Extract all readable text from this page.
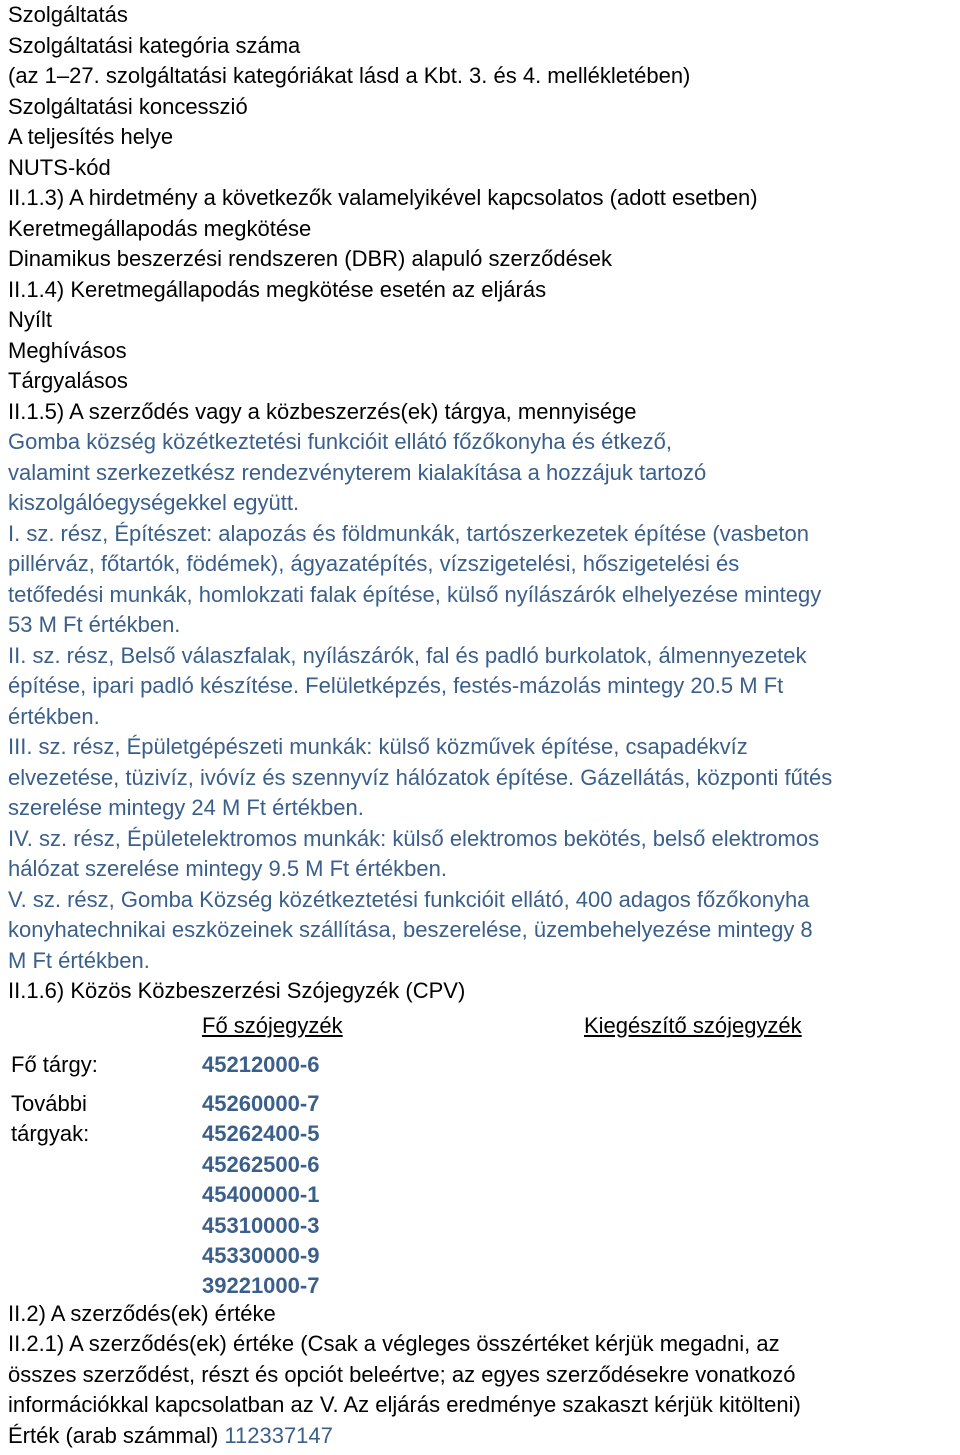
Szolgáltatás
Szolgáltatási kategória száma
(az 1–27. szolgáltatási kategóriákat lásd a Kbt. 3. és 4. mellékletében)
Szolgáltatási koncesszió
A teljesítés helye
NUTS-kód
II.1.3) A hirdetmény a következők valamelyikével kapcsolatos (adott esetben)
Keretmegállapodás megkötése
Dinamikus beszerzési rendszeren (DBR) alapuló szerződések
II.1.4) Keretmegállapodás megkötése esetén az eljárás
Nyílt
Meghívásos
Tárgyalásos
II.1.5) A szerződés vagy a közbeszerzés(ek) tárgya, mennyisége
Gomba község közétkeztetési funkcióit ellátó főzőkonyha és étkező,
valamint szerkezetkész rendezvényterem kialakítása a hozzájuk tartozó
kiszolgálóegységekkel együtt.
I. sz. rész, Építészet: alapozás és földmunkák, tartószerkezetek építése (vasbeton
pillérváz, főtartók, födémek), ágyazatépítés, vízszigetelési, hőszigetelési és
tetőfedési munkák, homlokzati falak építése, külső nyílászárók elhelyezése mintegy
53 M Ft értékben.
II. sz. rész, Belső válaszfalak, nyílászárók, fal és padló burkolatok, álmennyezetek
építése, ipari padló készítése. Felületképzés, festés-mázolás mintegy 20.5 M Ft
értékben.
III. sz. rész, Épületgépészeti munkák: külső közművek építése, csapadékvíz
elvezetése, tüzivíz, ivóvíz és szennyvíz hálózatok építése. Gázellátás, központi fűtés
szerelése mintegy 24 M Ft értékben.
IV. sz. rész, Épületelektromos munkák: külső elektromos bekötés, belső elektromos
hálózat szerelése mintegy 9.5 M Ft értékben.
V. sz. rész, Gomba Község közétkeztetési funkcióit ellátó, 400 adagos főzőkonyha
konyhatechnikai eszközeinek szállítása, beszerelése, üzembehelyezése mintegy 8
M Ft értékben.
II.1.6) Közös Közbeszerzési Szójegyzék (CPV)
Fő szójegyzék	Kiegészítő szójegyzék
Fő tárgy:	45212000-6
További
tárgyak:
45260000-7
45262400-5
45262500-6
45400000-1
45310000-3
45330000-9
39221000-7
II.2) A szerződés(ek) értéke
II.2.1) A szerződés(ek) értéke (Csak a végleges összértéket kérjük megadni, az
összes szerződést, részt és opciót beleértve; az egyes szerződésekre vonatkozó
információkkal kapcsolatban az V. Az eljárás eredménye szakaszt kérjük kitölteni)
Érték (arab számmal) 112337147
